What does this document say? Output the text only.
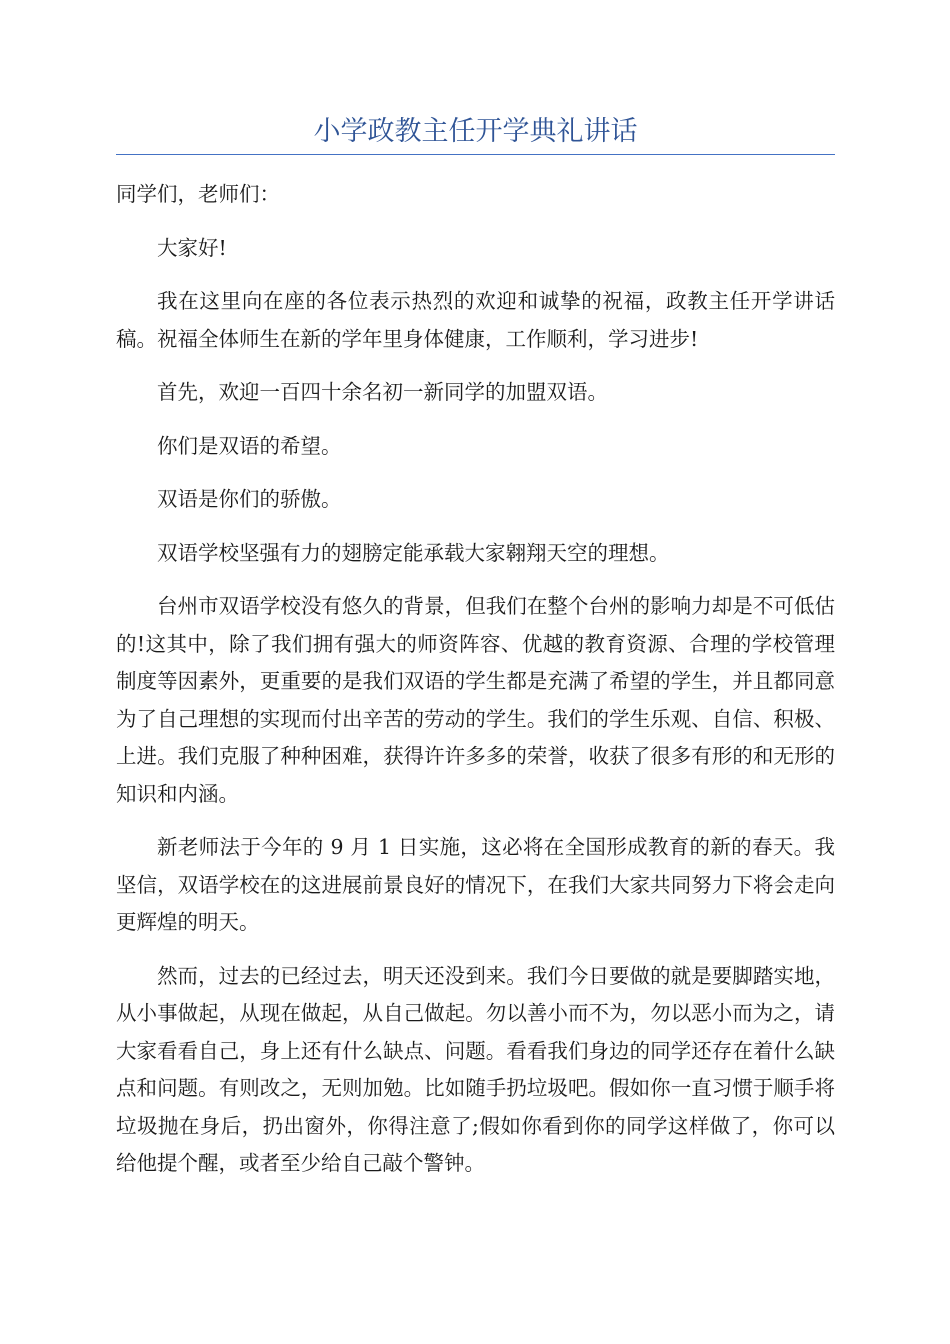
小学政教主任开学典礼讲话

同学们，老师们：

大家好!

我在这里向在座的各位表示热烈的欢迎和诚挚的祝福，政教主任开学讲话稿。祝福全体师生在新的学年里身体健康，工作顺利，学习进步!

首先，欢迎一百四十余名初一新同学的加盟双语。

你们是双语的希望。

双语是你们的骄傲。

双语学校坚强有力的翅膀定能承载大家翱翔天空的理想。

台州市双语学校没有悠久的背景，但我们在整个台州的影响力却是不可低估的!这其中，除了我们拥有强大的师资阵容、优越的教育资源、合理的学校管理制度等因素外，更重要的是我们双语的学生都是充满了希望的学生，并且都同意为了自己理想的实现而付出辛苦的劳动的学生。我们的学生乐观、自信、积极、上进。我们克服了种种困难，获得许许多多的荣誉，收获了很多有形的和无形的知识和内涵。

新老师法于今年的 9 月 1 日实施，这必将在全国形成教育的新的春天。我坚信，双语学校在的这进展前景良好的情况下，在我们大家共同努力下将会走向更辉煌的明天。

然而，过去的已经过去，明天还没到来。我们今日要做的就是要脚踏实地，从小事做起，从现在做起，从自己做起。勿以善小而不为，勿以恶小而为之，请大家看看自己，身上还有什么缺点、问题。看看我们身边的同学还存在着什么缺点和问题。有则改之，无则加勉。比如随手扔垃圾吧。假如你一直习惯于顺手将垃圾抛在身后，扔出窗外，你得注意了;假如你看到你的同学这样做了，你可以给他提个醒，或者至少给自己敲个警钟。
